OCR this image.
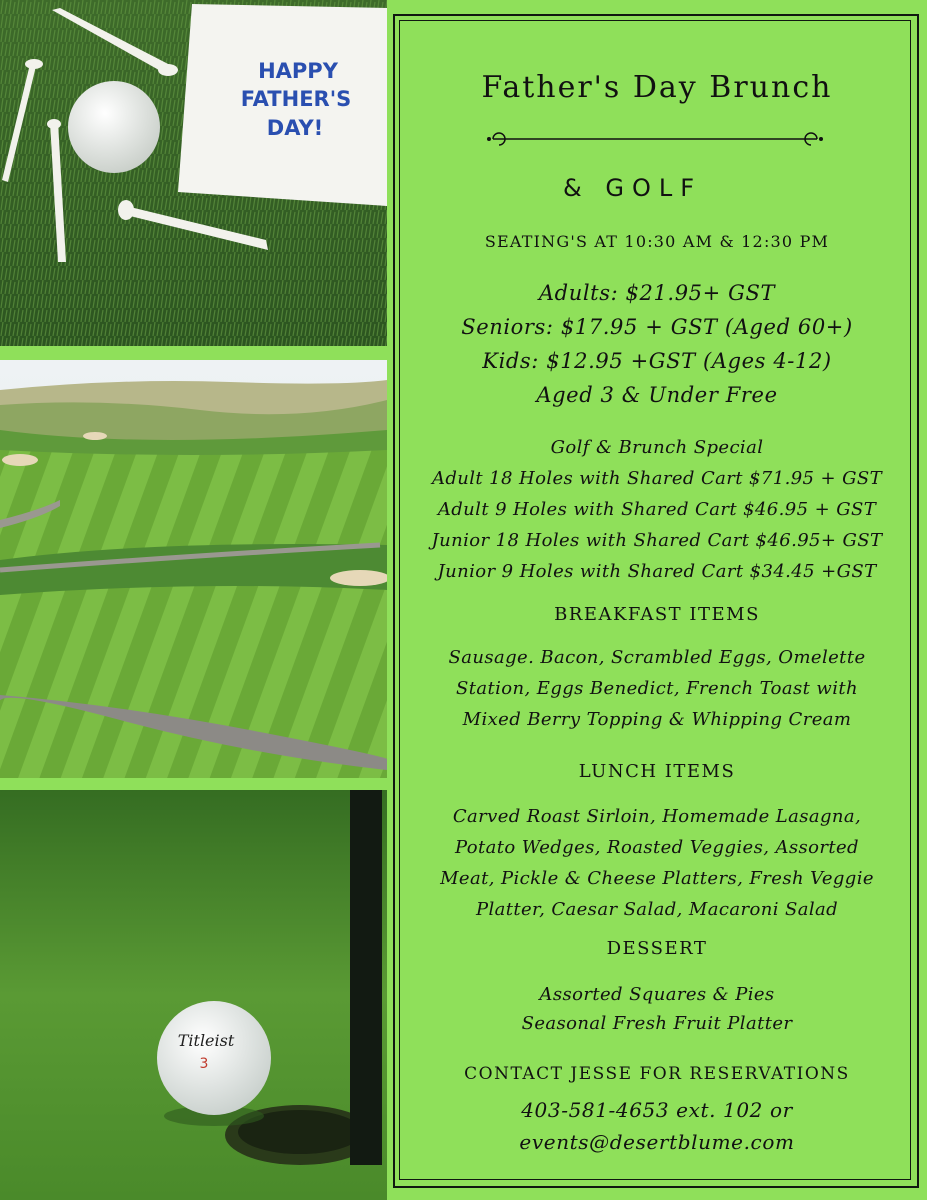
HAPPY
FATHER'S
DAY!
Titleist
3
Father's Day Brunch
& GOLF
SEATING'S AT 10:30 AM & 12:30 PM
Adults: $21.95+ GST
Seniors: $17.95 + GST (Aged 60+)
Kids: $12.95 +GST (Ages 4-12)
Aged 3 & Under Free
Golf & Brunch Special
Adult 18 Holes with Shared Cart $71.95 + GST
Adult 9 Holes with Shared Cart $46.95 + GST
Junior 18 Holes with Shared Cart $46.95+ GST
Junior 9 Holes with Shared Cart $34.45 +GST
BREAKFAST ITEMS
Sausage. Bacon, Scrambled Eggs, Omelette
Station, Eggs Benedict, French Toast with
Mixed Berry Topping & Whipping Cream
LUNCH ITEMS
Carved Roast Sirloin, Homemade Lasagna,
Potato Wedges, Roasted Veggies, Assorted
Meat, Pickle & Cheese Platters, Fresh Veggie
Platter, Caesar Salad, Macaroni Salad
DESSERT
Assorted Squares & Pies
Seasonal Fresh Fruit Platter
CONTACT JESSE FOR RESERVATIONS
403-581-4653 ext. 102 or
events@desertblume.com
